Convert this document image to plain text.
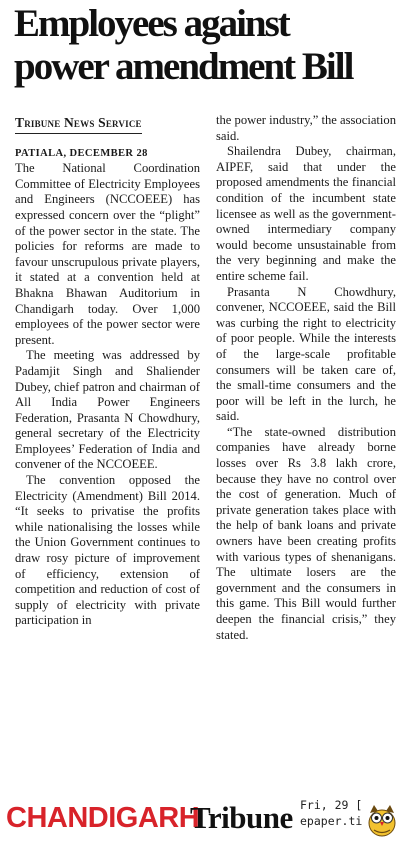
Employees against
power amendment Bill
Tribune News Service
PATIALA, DECEMBER 28

The National Coordination Committee of Electricity Employees and Engineers (NCCOEEE) has expressed concern over the “plight” of the power sector in the state. The policies for reforms are made to favour unscrupulous private players, it stated at a convention held at Bhakna Bhawan Auditorium in Chandigarh today. Over 1,000 employees of the power sector were present.

The meeting was addressed by Padamjit Singh and Shaliender Dubey, chief patron and chairman of All India Power Engineers Federation, Prasanta N Chowdhury, general secretary of the Electricity Employees’ Federation of India and convener of the NCCOEEE.

The convention opposed the Electricity (Amendment) Bill 2014. “It seeks to privatise the profits while nationalising the losses while the Union Government continues to draw rosy picture of improvement of efficiency, extension of competition and reduction of cost of supply of electricity with private participation in

the power industry,” the association said.

Shailendra Dubey, chairman, AIPEF, said that under the proposed amendments the financial condition of the incumbent state licensee as well as the government-owned intermediary company would become unsustainable from the very beginning and make the entire scheme fail.

Prasanta N Chowdhury, convener, NCCOEEE, said the Bill was curbing the right to electricity of poor people. While the interests of the large-scale profitable consumers will be taken care of, the small-time consumers and the poor will be left in the lurch, he said.

“The state-owned distribution companies have already borne losses over Rs 3.8 lakh crore, because they have no control over the cost of generation. Much of private generation takes place with the help of bank loans and private owners have been creating profits with various types of shenanigans. The ultimate losers are the government and the consumers in this game. This Bill would further deepen the financial crisis,” they stated.

CHANDIGARH
Tribune Fri, 29 [
epaper.ti
